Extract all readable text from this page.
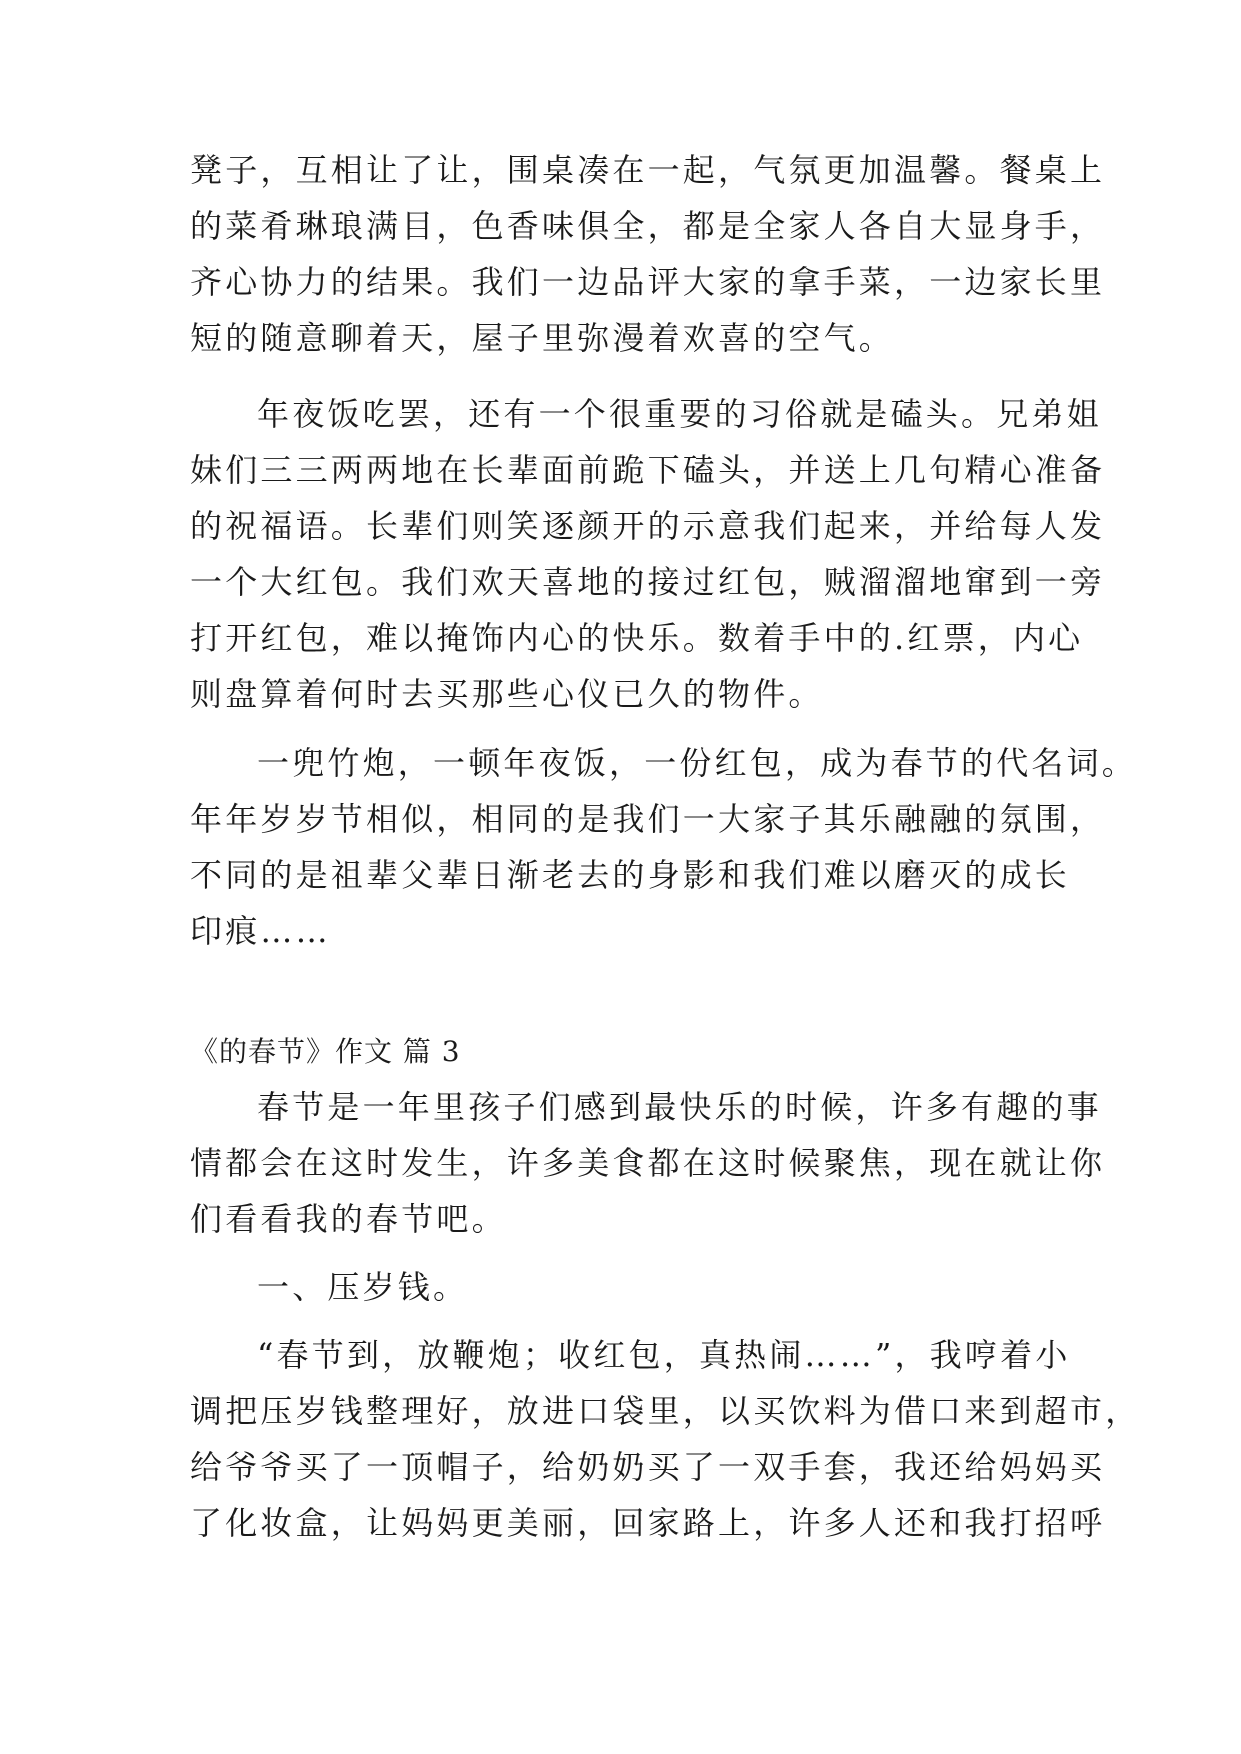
凳子，互相让了让，围桌凑在一起，气氛更加温馨。餐桌上
的菜肴琳琅满目，色香味俱全，都是全家人各自大显身手，
齐心协力的结果。我们一边品评大家的拿手菜，一边家长里
短的随意聊着天，屋子里弥漫着欢喜的空气。
年夜饭吃罢，还有一个很重要的习俗就是磕头。兄弟姐
妹们三三两两地在长辈面前跪下磕头，并送上几句精心准备
的祝福语。长辈们则笑逐颜开的示意我们起来，并给每人发
一个大红包。我们欢天喜地的接过红包，贼溜溜地窜到一旁
打开红包，难以掩饰内心的快乐。数着手中的.红票，内心
则盘算着何时去买那些心仪已久的物件。
一兜竹炮，一顿年夜饭，一份红包，成为春节的代名词。
年年岁岁节相似，相同的是我们一大家子其乐融融的氛围，
不同的是祖辈父辈日渐老去的身影和我们难以磨灭的成长
印痕……
《的春节》作文 篇 3
春节是一年里孩子们感到最快乐的时候，许多有趣的事
情都会在这时发生，许多美食都在这时候聚焦，现在就让你
们看看我的春节吧。
一、压岁钱。
“春节到，放鞭炮；收红包，真热闹……”，我哼着小
调把压岁钱整理好，放进口袋里，以买饮料为借口来到超市，
给爷爷买了一顶帽子，给奶奶买了一双手套，我还给妈妈买
了化妆盒，让妈妈更美丽，回家路上，许多人还和我打招呼
